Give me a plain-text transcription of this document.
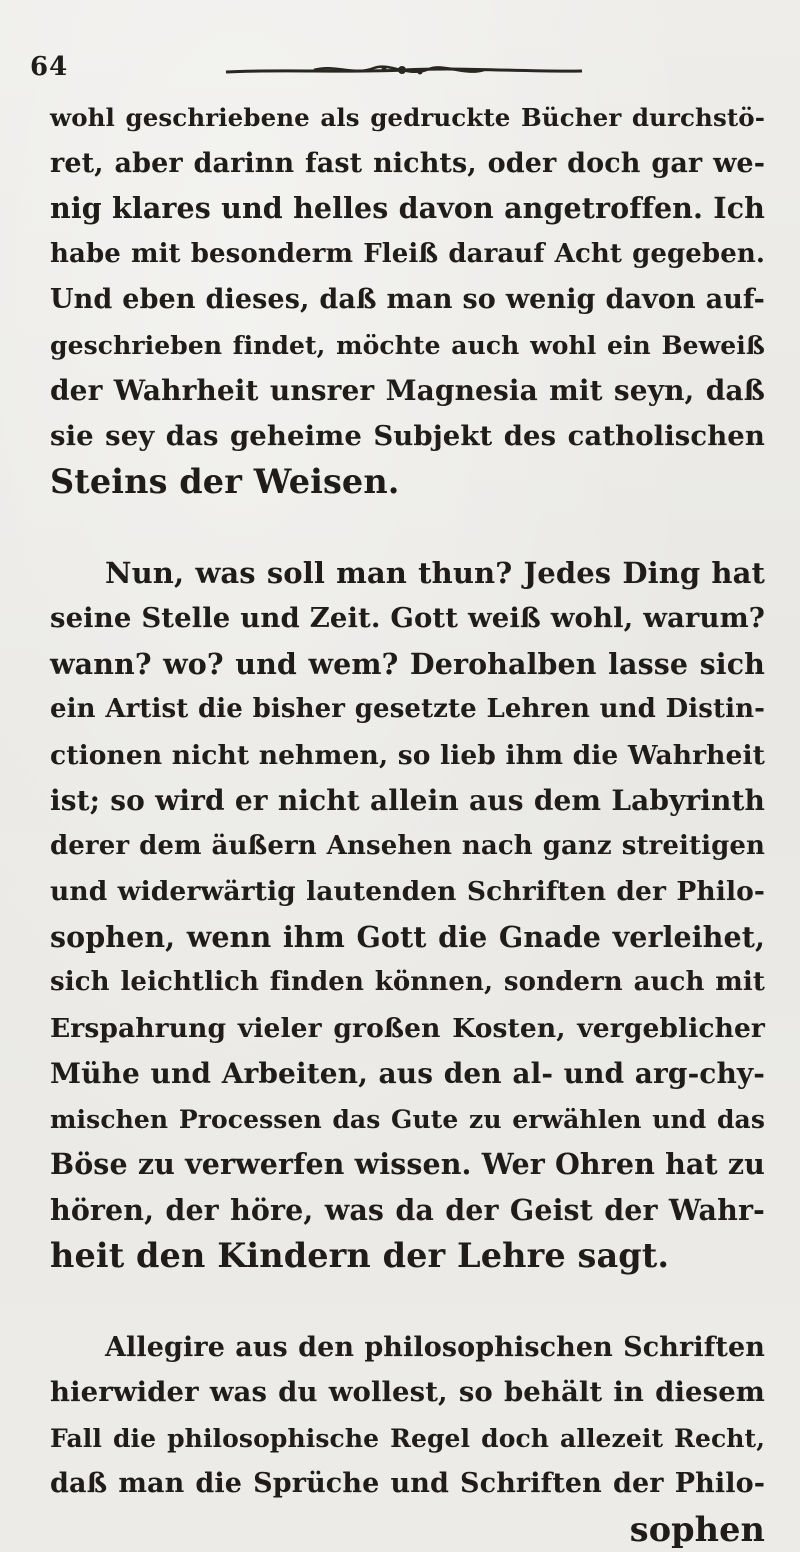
64
wohl geschriebene als gedruckte Bücher durchstö-
ret, aber darinn fast nichts, oder doch gar we-
nig klares und helles davon angetroffen. Ich
habe mit besonderm Fleiß darauf Acht gegeben.
Und eben dieses, daß man so wenig davon auf-
geschrieben findet, möchte auch wohl ein Beweiß
der Wahrheit unsrer Magnesia mit seyn, daß
sie sey das geheime Subjekt des catholischen
Steins der Weisen.
Nun, was soll man thun? Jedes Ding hat
seine Stelle und Zeit. Gott weiß wohl, warum?
wann? wo? und wem? Derohalben lasse sich
ein Artist die bisher gesetzte Lehren und Distin-
ctionen nicht nehmen, so lieb ihm die Wahrheit
ist; so wird er nicht allein aus dem Labyrinth
derer dem äußern Ansehen nach ganz streitigen
und widerwärtig lautenden Schriften der Philo-
sophen, wenn ihm Gott die Gnade verleihet,
sich leichtlich finden können, sondern auch mit
Erspahrung vieler großen Kosten, vergeblicher
Mühe und Arbeiten, aus den al- und arg-chy-
mischen Processen das Gute zu erwählen und das
Böse zu verwerfen wissen. Wer Ohren hat zu
hören, der höre, was da der Geist der Wahr-
heit den Kindern der Lehre sagt.
Allegire aus den philosophischen Schriften
hierwider was du wollest, so behält in diesem
Fall die philosophische Regel doch allezeit Recht,
daß man die Sprüche und Schriften der Philo-
sophen
